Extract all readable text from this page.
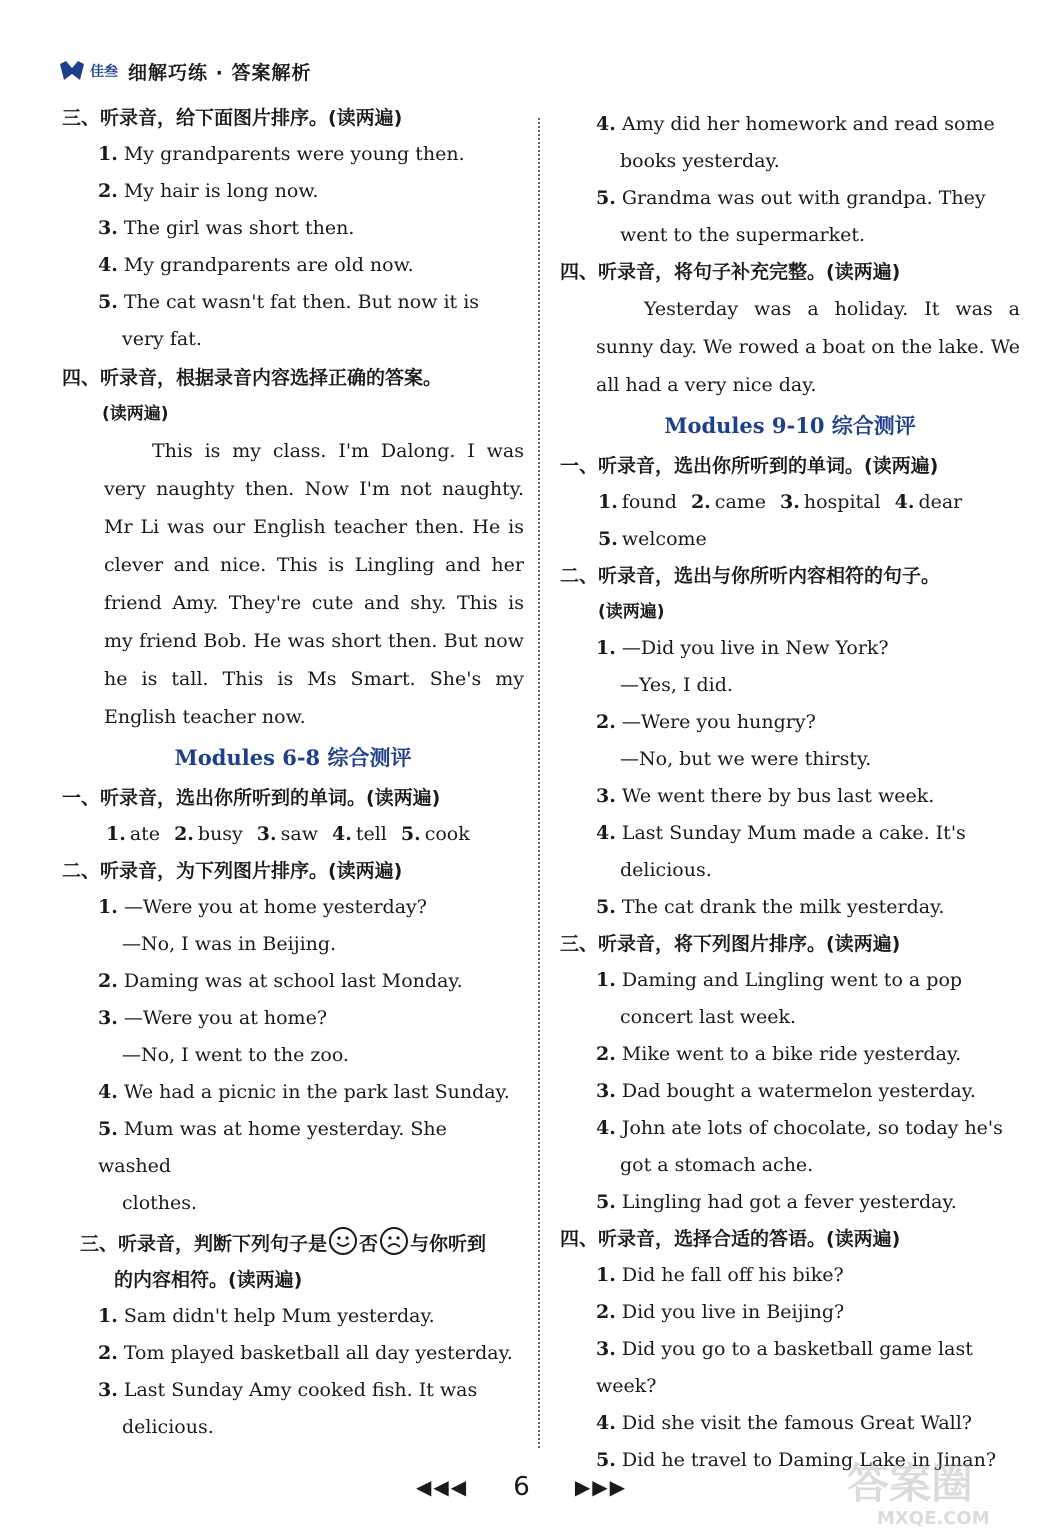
佳叁 细解巧练 · 答案解析
三、听录音，给下面图片排序。(读两遍)
1. My grandparents were young then.
2. My hair is long now.
3. The girl was short then.
4. My grandparents are old now.
5. The cat wasn't fat then. But now it is
very fat.
四、听录音，根据录音内容选择正确的答案。
(读两遍)
This is my class. I'm Dalong. I was very naughty then. Now I'm not naughty. Mr Li was our English teacher then. He is clever and nice. This is Lingling and her friend Amy. They're cute and shy. This is my friend Bob. He was short then. But now he is tall. This is Ms Smart. She's my English teacher now.
Modules 6-8 综合测评
一、听录音，选出你所听到的单词。(读两遍)
1. ate 2. busy 3. saw 4. tell 5. cook
二、听录音，为下列图片排序。(读两遍)
1. —Were you at home yesterday?
—No, I was in Beijing.
2. Daming was at school last Monday.
3. —Were you at home?
—No, I went to the zoo.
4. We had a picnic in the park last Sunday.
5. Mum was at home yesterday. She washed
clothes.
三、听录音，判断下列句子是 否 与你听到
的内容相符。(读两遍)
1. Sam didn't help Mum yesterday.
2. Tom played basketball all day yesterday.
3. Last Sunday Amy cooked fish. It was
delicious.
4. Amy did her homework and read some
books yesterday.
5. Grandma was out with grandpa. They
went to the supermarket.
四、听录音，将句子补充完整。(读两遍)
Yesterday was a holiday. It was a sunny day. We rowed a boat on the lake. We all had a very nice day.
Modules 9-10 综合测评
一、听录音，选出你所听到的单词。(读两遍)
1. found 2. came 3. hospital 4. dear
5. welcome
二、听录音，选出与你所听内容相符的句子。
(读两遍)
1. —Did you live in New York?
—Yes, I did.
2. —Were you hungry?
—No, but we were thirsty.
3. We went there by bus last week.
4. Last Sunday Mum made a cake. It's
delicious.
5. The cat drank the milk yesterday.
三、听录音，将下列图片排序。(读两遍)
1. Daming and Lingling went to a pop
concert last week.
2. Mike went to a bike ride yesterday.
3. Dad bought a watermelon yesterday.
4. John ate lots of chocolate, so today he's
got a stomach ache.
5. Lingling had got a fever yesterday.
四、听录音，选择合适的答语。(读两遍)
1. Did he fall off his bike?
2. Did you live in Beijing?
3. Did you go to a basketball game last week?
4. Did she visit the famous Great Wall?
5. Did he travel to Daming Lake in Jinan?
◀◀◀ 6 ▶▶▶	答案圈
MXQE.COM
